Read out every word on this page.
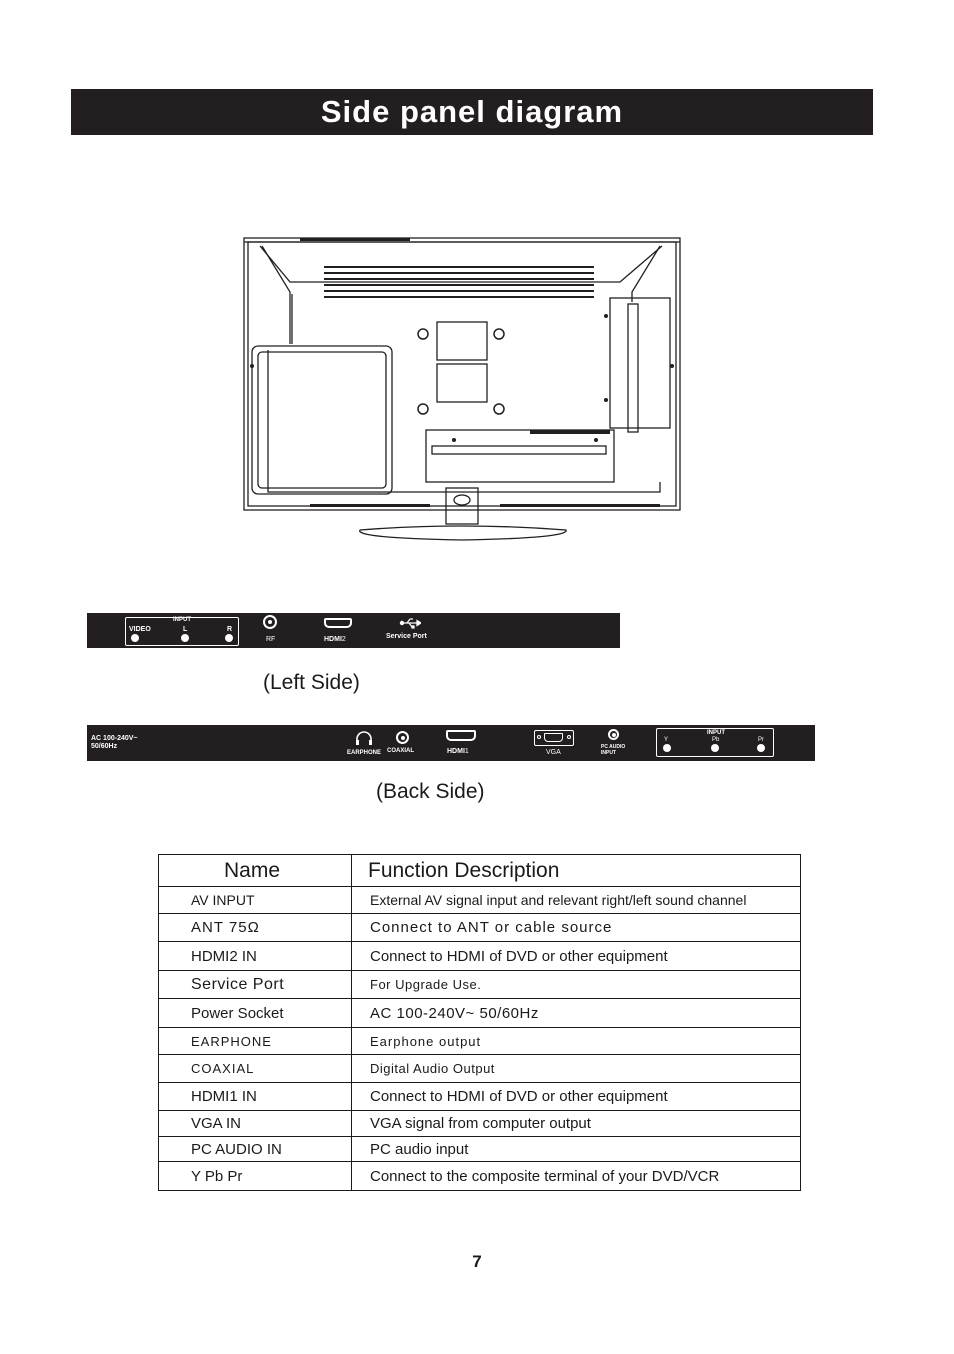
Side panel diagram
INPUT
VIDEO	L	R
RF	HDMI2	Service Port
(Left Side)
AC 100-240V~
50/60Hz
EARPHONE COAXIAL	HDMI1	VGA
PC AUDIO
INPUT
INPUT
Y	Pb	Pr
(Back Side)
Name	Function Description
AV INPUT	External AV signal input and relevant right/left sound channel
ANT 75Ω	Connect to ANT or cable source
HDMI2 IN	Connect to HDMI of DVD or other equipment
Service Port	For Upgrade Use.
Power Socket	AC 100-240V~ 50/60Hz
EARPHONE	Earphone output
COAXIAL	Digital Audio Output
HDMI1 IN	Connect to HDMI of DVD or other equipment
VGA IN	VGA signal from computer output
PC AUDIO IN	PC audio input
Y Pb Pr	Connect to the composite terminal of your DVD/VCR
7
